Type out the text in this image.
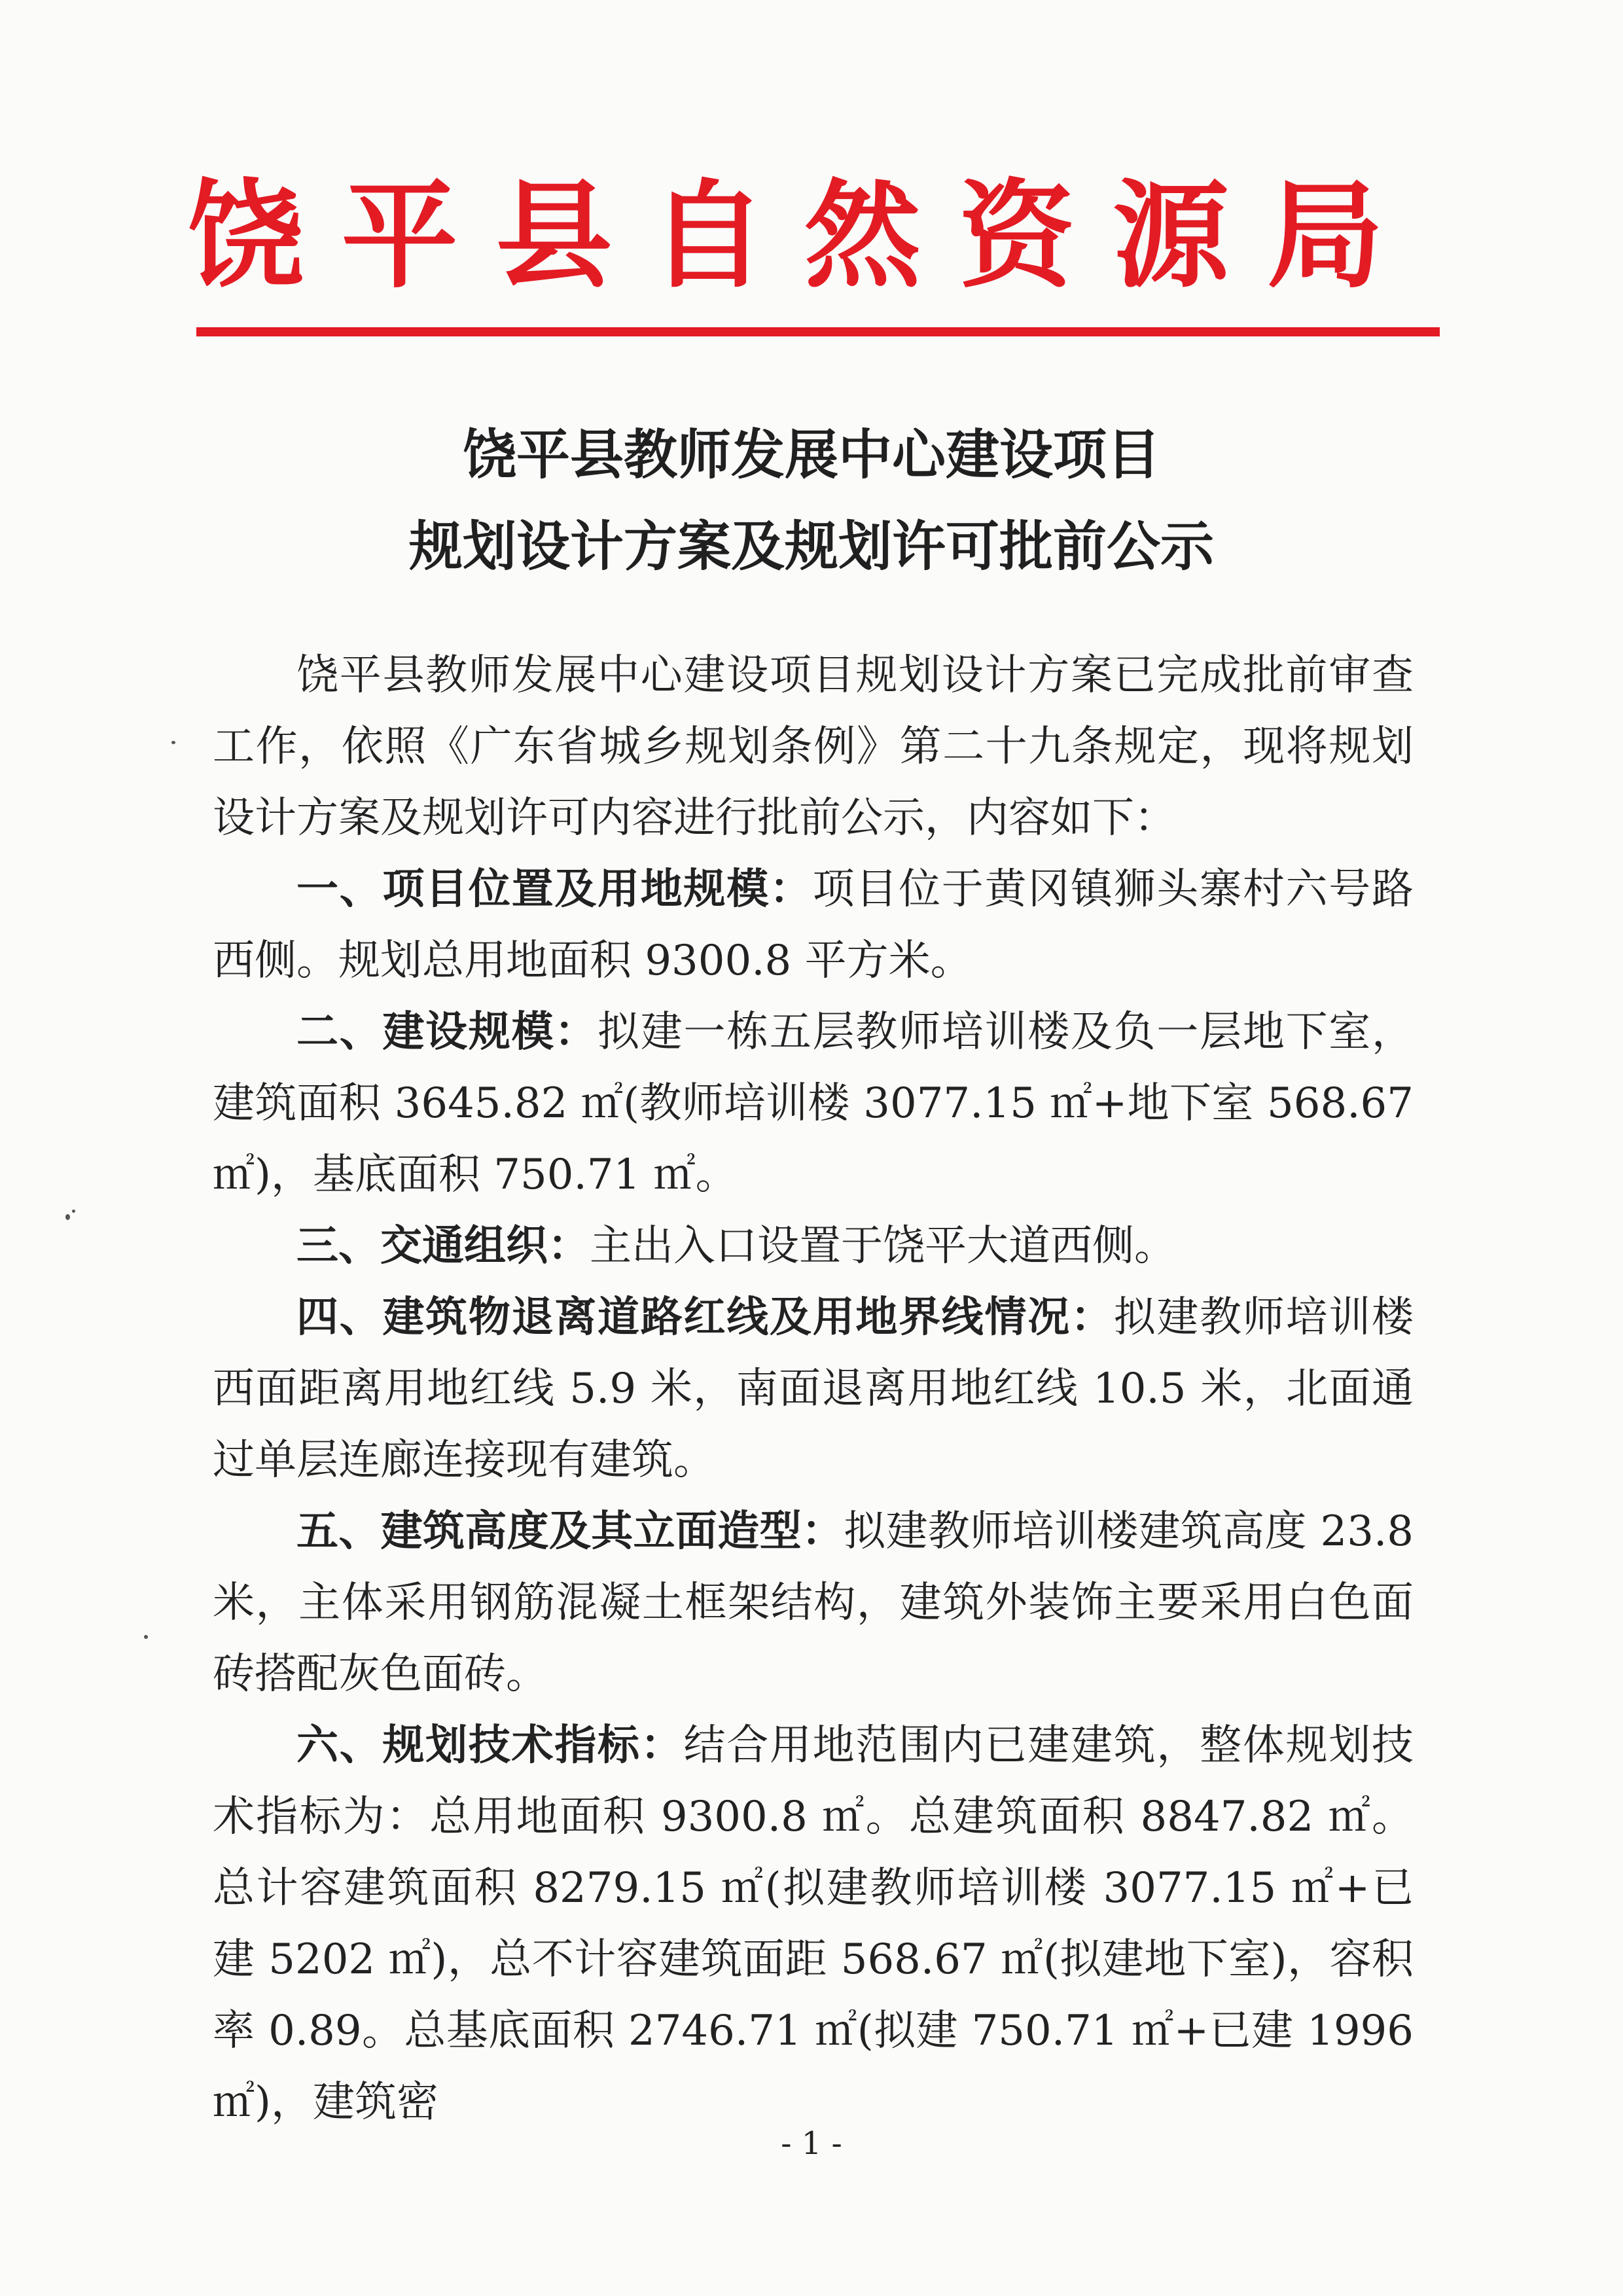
饶 平 县 自 然 资 源 局
饶平县教师发展中心建设项目
规划设计方案及规划许可批前公示

饶平县教师发展中心建设项目规划设计方案已完成批前审查工作，依照《广东省城乡规划条例》第二十九条规定，现将规划设计方案及规划许可内容进行批前公示，内容如下：

一、项目位置及用地规模：项目位于黄冈镇狮头寨村六号路西侧。规划总用地面积 9300.8 平方米。

二、建设规模：拟建一栋五层教师培训楼及负一层地下室，建筑面积 3645.82 ㎡(教师培训楼 3077.15 ㎡+地下室 568.67 ㎡)，基底面积 750.71 ㎡。

三、交通组织：主出入口设置于饶平大道西侧。

四、建筑物退离道路红线及用地界线情况：拟建教师培训楼西面距离用地红线 5.9 米，南面退离用地红线 10.5 米，北面通过单层连廊连接现有建筑。

五、建筑高度及其立面造型：拟建教师培训楼建筑高度 23.8 米，主体采用钢筋混凝土框架结构，建筑外装饰主要采用白色面砖搭配灰色面砖。

六、规划技术指标：结合用地范围内已建建筑，整体规划技术指标为：总用地面积 9300.8 ㎡。总建筑面积 8847.82 ㎡。总计容建筑面积 8279.15 ㎡(拟建教师培训楼 3077.15 ㎡+已建 5202 ㎡)，总不计容建筑面距 568.67 ㎡(拟建地下室)，容积率 0.89。总基底面积 2746.71 ㎡(拟建 750.71 ㎡+已建 1996 ㎡)，建筑密

- 1 -
